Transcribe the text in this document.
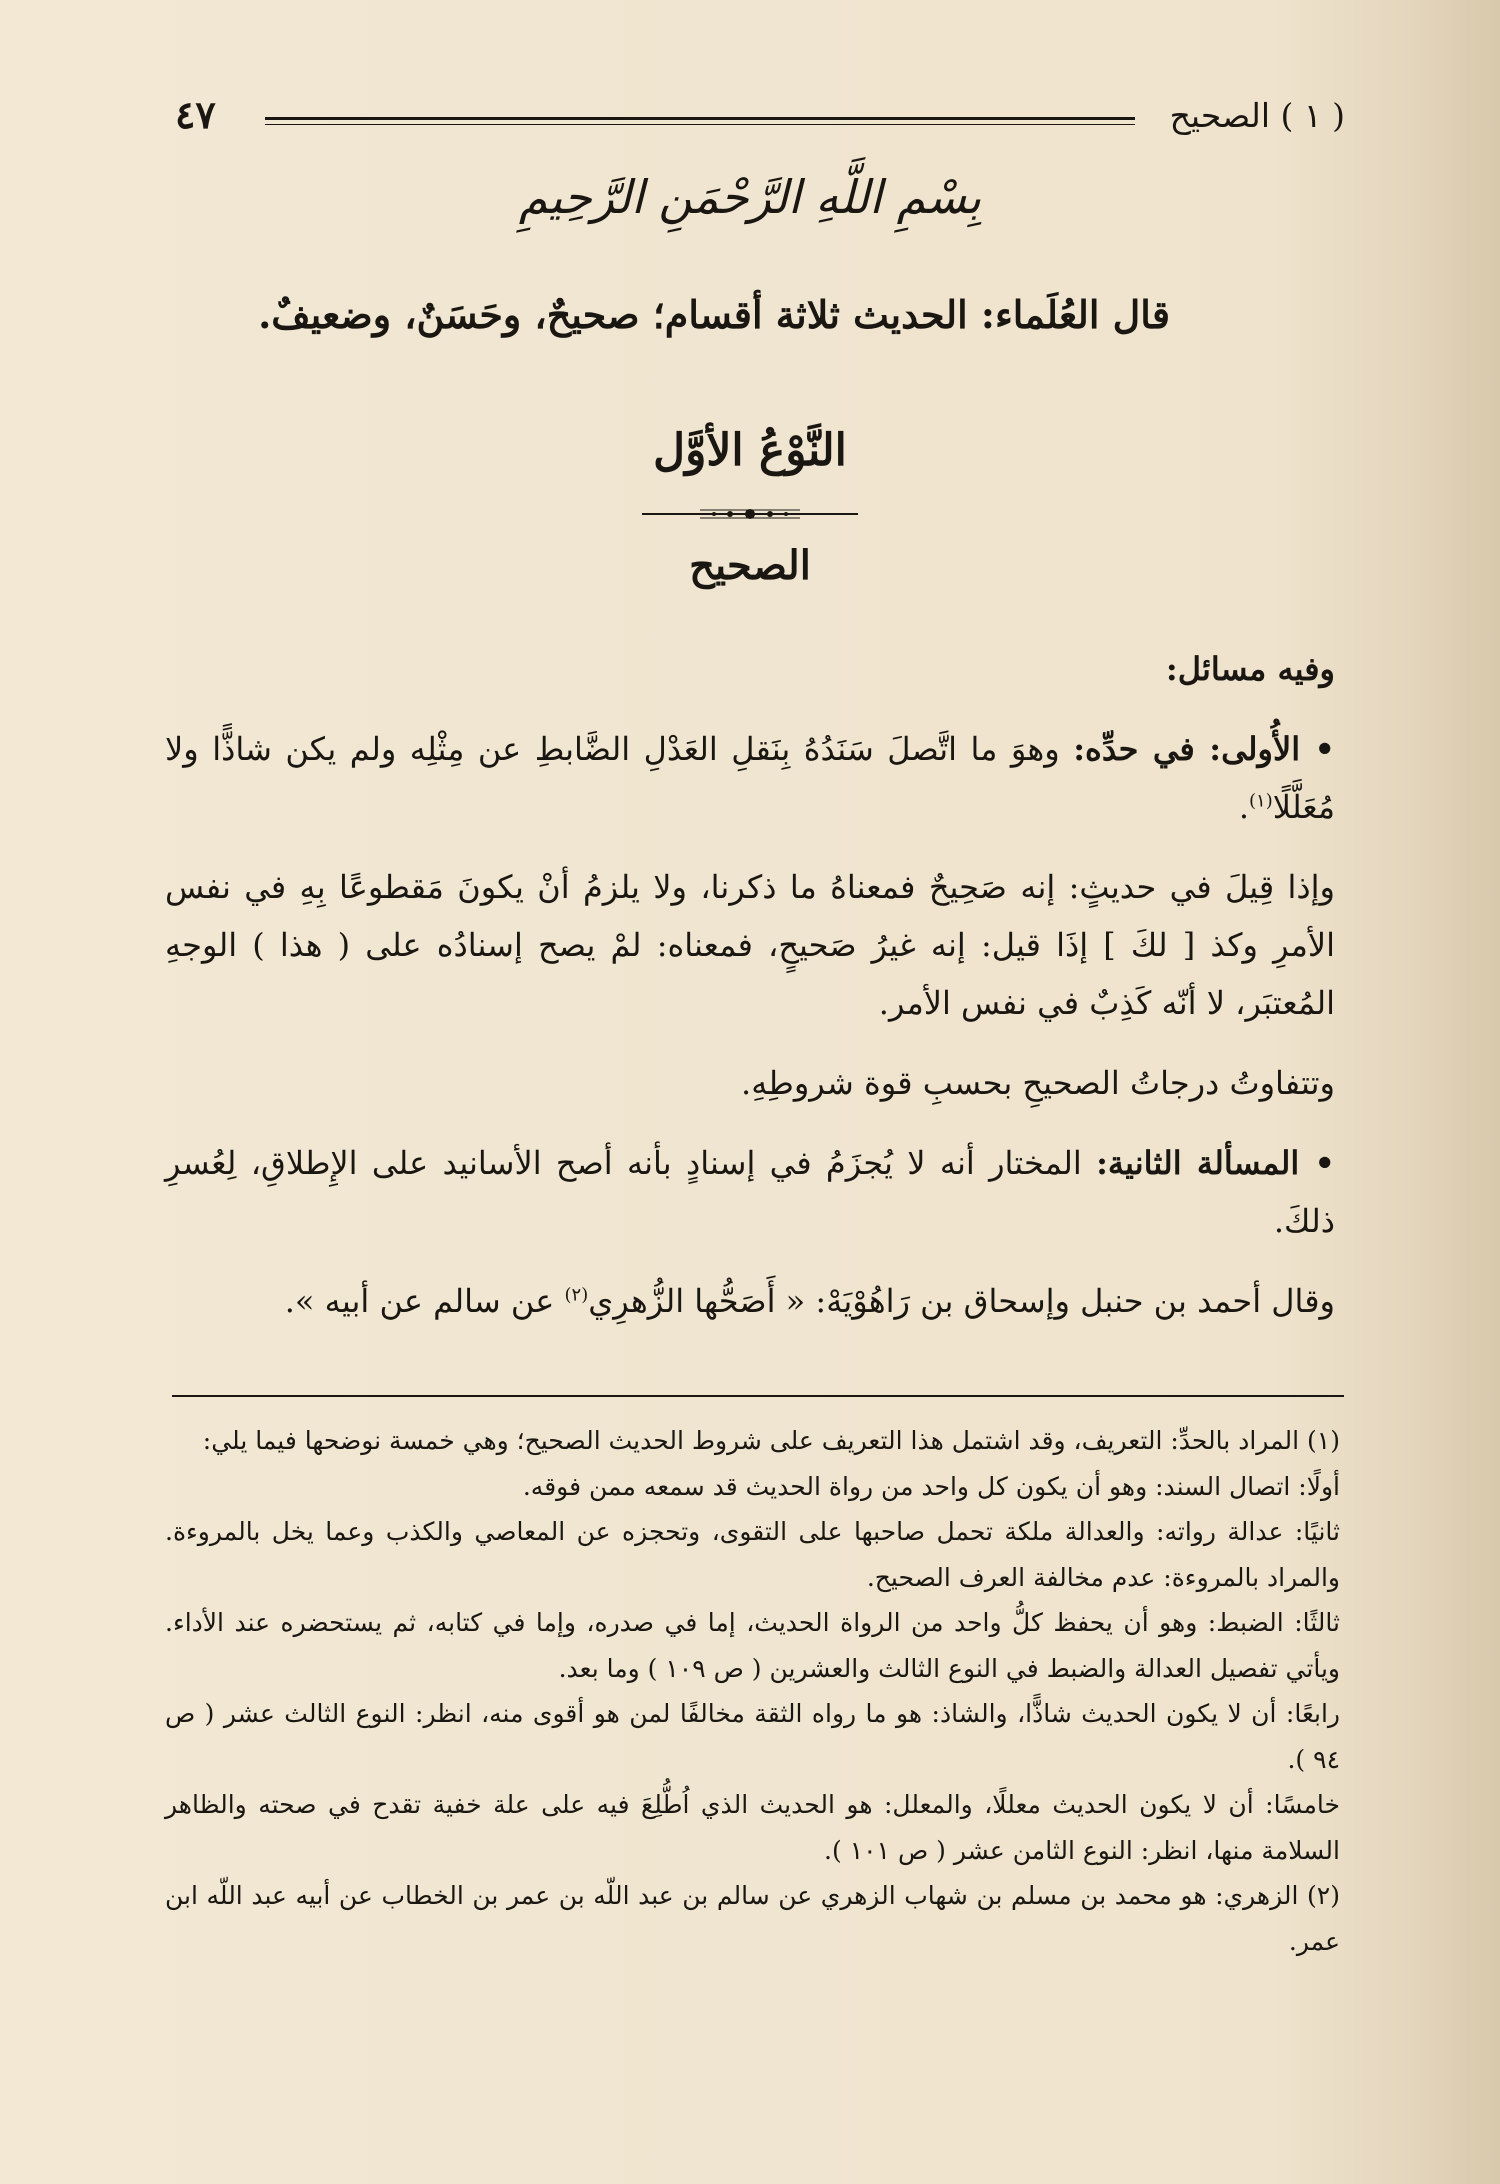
( ١ ) الصحيح
٤٧
بِسْمِ اللَّهِ الرَّحْمَنِ الرَّحِيمِ
قال العُلَماء: الحديث ثلاثة أقسام؛ صحيحٌ، وحَسَنٌ، وضعيفٌ.
النَّوْعُ الأوَّل
الصحيح

وفيه مسائل:

• الأُولى: في حدِّه: وهوَ ما اتَّصلَ سَنَدُهُ بِنَقلِ العَدْلِ الضَّابطِ عن مِثْلِه ولم يكن شاذًّا ولا مُعَلَّلًا$^{(١)}$.

وإذا قِيلَ في حديثٍ: إنه صَحِيحٌ فمعناهُ ما ذكرنا، ولا يلزمُ أنْ يكونَ مَقطوعًا بِهِ في نفس الأمرِ وكذ [ لكَ ] إذَا قيل: إنه غيرُ صَحيحٍ، فمعناه: لمْ يصح إسنادُه على ( هذا ) الوجهِ المُعتبَر، لا أنّه كَذِبٌ في نفس الأمر.

وتتفاوتُ درجاتُ الصحيحِ بحسبِ قوة شروطِهِ.

• المسألة الثانية: المختار أنه لا يُجزَمُ في إسنادٍ بأنه أصح الأسانيد على الإِطلاقِ، لِعُسرِ ذلكَ.

وقال أحمد بن حنبل وإسحاق بن رَاهُوْيَهْ: « أَصَحُّها الزُّهرِي$^{(٢)}$ عن سالم عن أبيه ».

(١) المراد بالحدِّ: التعريف، وقد اشتمل هذا التعريف على شروط الحديث الصحيح؛ وهي خمسة نوضحها فيما يلي:

أولًا: اتصال السند: وهو أن يكون كل واحد من رواة الحديث قد سمعه ممن فوقه.

ثانيًا: عدالة رواته: والعدالة ملكة تحمل صاحبها على التقوى، وتحجزه عن المعاصي والكذب وعما يخل بالمروءة. والمراد بالمروءة: عدم مخالفة العرف الصحيح.

ثالثًا: الضبط: وهو أن يحفظ كلُّ واحد من الرواة الحديث، إما في صدره، وإما في كتابه، ثم يستحضره عند الأداء. ويأتي تفصيل العدالة والضبط في النوع الثالث والعشرين ( ص ١٠٩ ) وما بعد.

رابعًا: أن لا يكون الحديث شاذًّا، والشاذ: هو ما رواه الثقة مخالفًا لمن هو أقوى منه، انظر: النوع الثالث عشر ( ص ٩٤ ).

خامسًا: أن لا يكون الحديث معللًا، والمعلل: هو الحديث الذي اُطُّلِعَ فيه على علة خفية تقدح في صحته والظاهر السلامة منها، انظر: النوع الثامن عشر ( ص ١٠١ ).

(٢) الزهري: هو محمد بن مسلم بن شهاب الزهري عن سالم بن عبد اللّه بن عمر بن الخطاب عن أبيه عبد اللّه ابن عمر.
